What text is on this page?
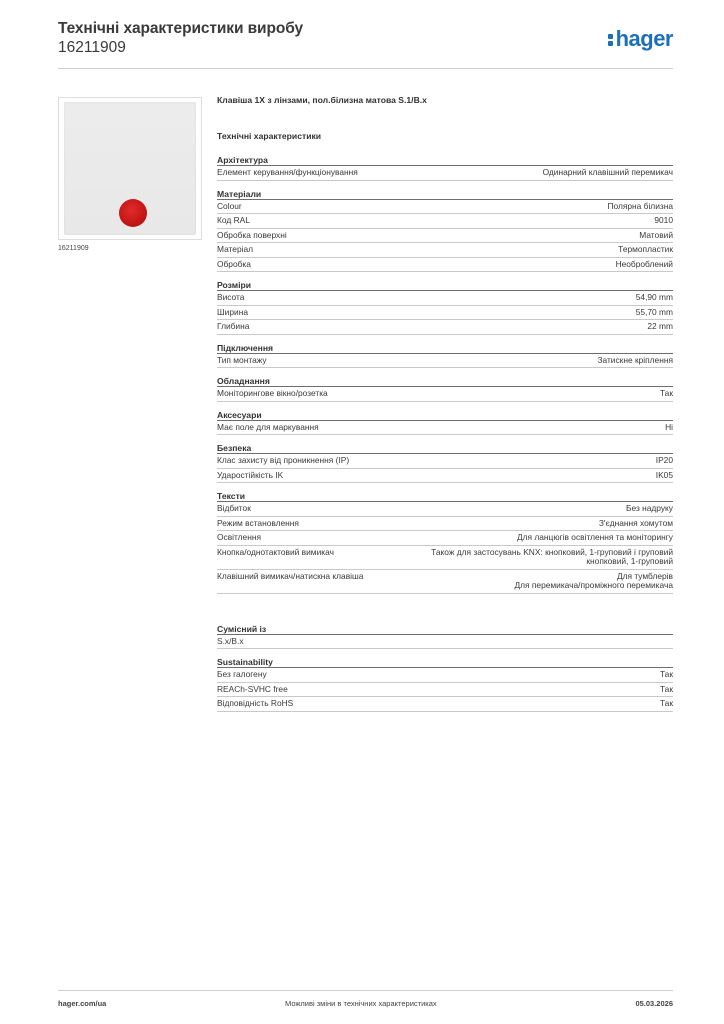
Технічні характеристики виробу
16211909	hager
16211909
Клавіша 1X з лінзами, пол.білизна матова S.1/B.x
Технічні характеристики
Архітектура
Елемент керування/функціонування	Одинарний клавішний перемикач
Матеріали
Colour	Полярна білизна
Код RAL	9010
Обробка поверхні	Матовий
Матеріал	Термопластик
Обробка	Необроблений
Розміри
Висота	54,90 mm
Ширина	55,70 mm
Глибина	22 mm
Підключення
Тип монтажу	Затискне кріплення
Обладнання
Моніторингове вікно/розетка	Так
Аксесуари
Має поле для маркування	Ні
Безпека
Клас захисту від проникнення (IP)	IP20
Ударостійкість IK	IK05
Тексти
Відбиток	Без надруку
Режим встановлення	З'єднання хомутом
Освітлення	Для ланцюгів освітлення та моніторингу
Кнопка/однотактовий вимикач	Також для застосувань KNX: кнопковий, 1-груповий і груповий
кнопковий, 1-груповий
Клавішний вимикач/натискна клавіша	Для тумблерів
Для перемикача/проміжного перемикача
Сумісний із
S.x/B.x
Sustainability
Без галогену	Так
REACh-SVHC free	Так
Відповідність RoHS	Так
hager.com/ua	Можливі зміни в технічних характеристиках	05.03.2026
